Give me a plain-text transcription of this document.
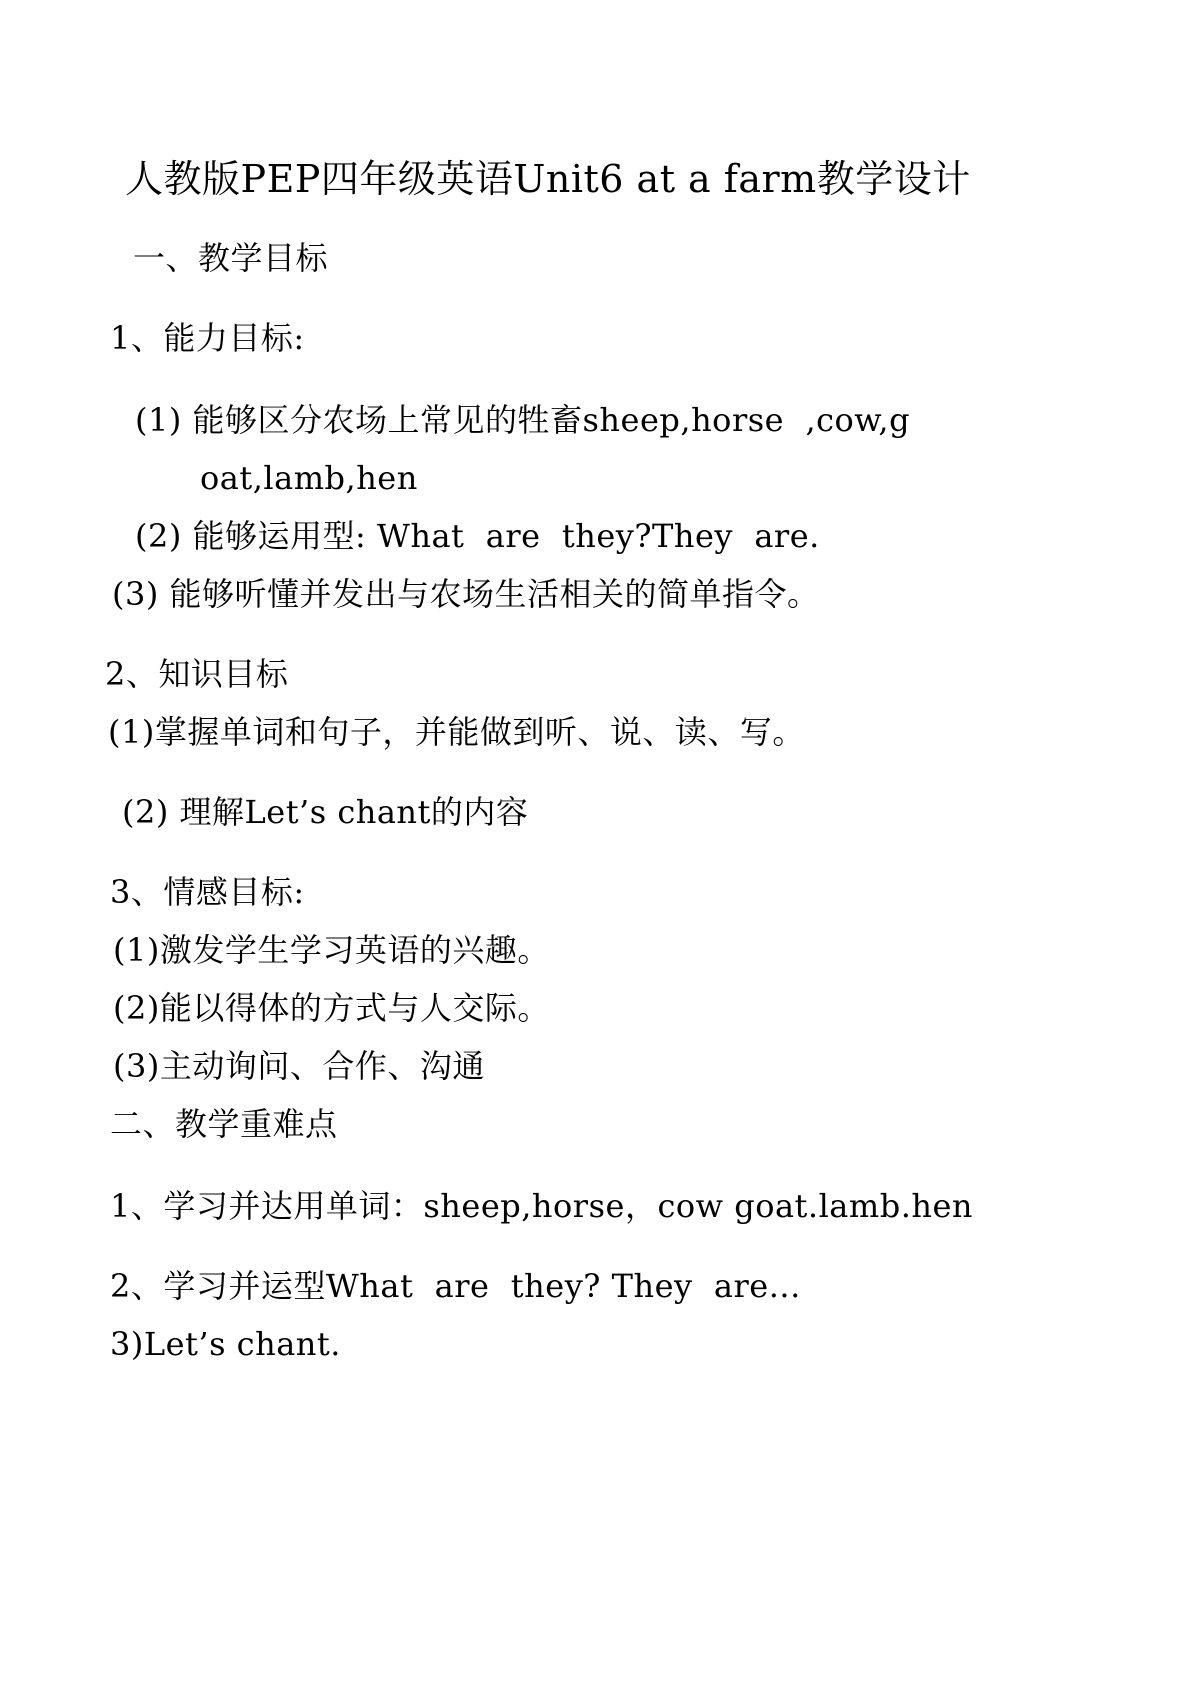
人教版PEP四年级英语Unit6 at a farm教学设计
一、教学目标
1、能力目标:
(1) 能够区分农场上常见的牲畜sheep,horse  ,cow,g
oat,lamb,hen
(2) 能够运用型: What  are  they?They  are.
(3) 能够听懂并发出与农场生活相关的简单指令。
2、知识目标
(1)掌握单词和句子，并能做到听、说、读、写。
(2) 理解Let’s chant的内容
3、情感目标:
(1)激发学生学习英语的兴趣。
(2)能以得体的方式与人交际。
(3)主动询问、合作、沟通
二、教学重难点
1、学习并达用单词：sheep,horse，cow goat.lamb.hen
2、学习并运型What  are  they? They  are...
3)Let’s chant.
